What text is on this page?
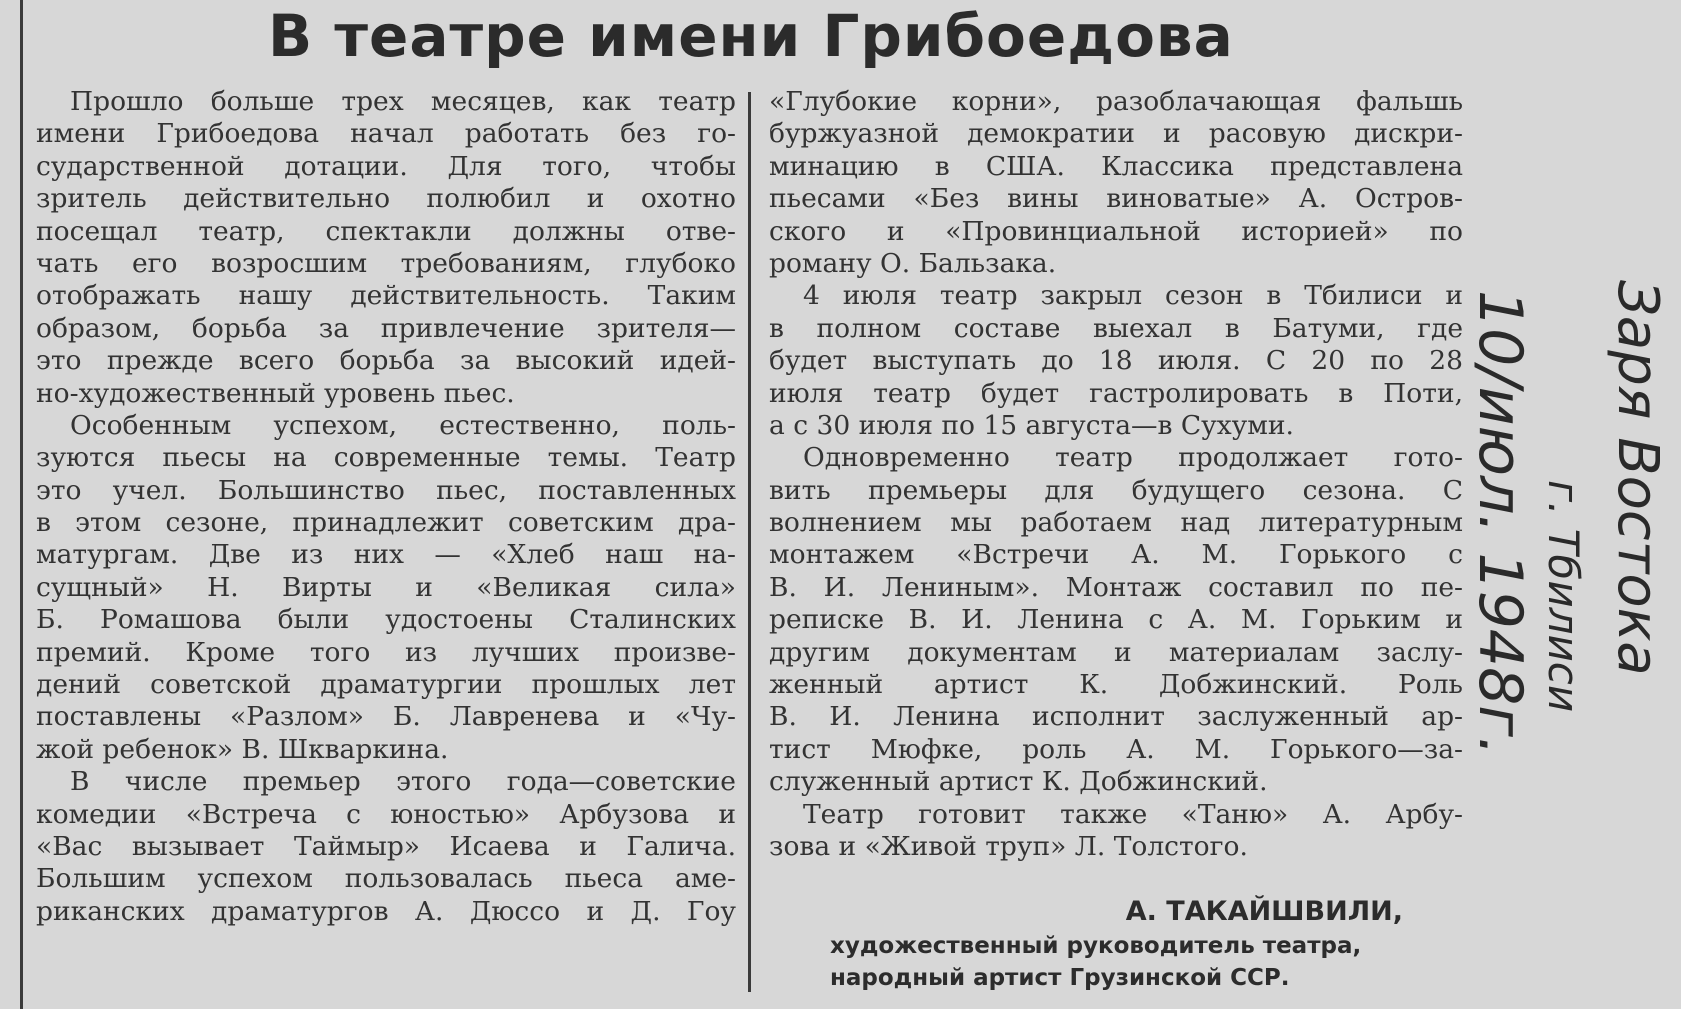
В театре имени Грибоедова
Прошло больше трех месяцев, как театр
имени Грибоедова начал работать без го-
сударственной дотации. Для того, чтобы
зритель действительно полюбил и охотно
посещал театр, спектакли должны отве-
чать его возросшим требованиям, глубоко
отображать нашу действительность. Таким
образом, борьба за привлечение зрителя—
это прежде всего борьба за высокий идей-
но-художественный уровень пьес.
Особенным успехом, естественно, поль-
зуются пьесы на современные темы. Театр
это учел. Большинство пьес, поставленных
в этом сезоне, принадлежит советским дра-
матургам. Две из них — «Хлеб наш на-
сущный» Н. Вирты и «Великая сила»
Б. Ромашова были удостоены Сталинских
премий. Кроме того из лучших произве-
дений советской драматургии прошлых лет
поставлены «Разлом» Б. Лавренева и «Чу-
жой ребенок» В. Шкваркина.
В числе премьер этого года—советские
комедии «Встреча с юностью» Арбузова и
«Вас вызывает Таймыр» Исаева и Галича.
Большим успехом пользовалась пьеса аме-
риканских драматургов А. Дюссо и Д. Гоу
«Глубокие корни», разоблачающая фальшь
буржуазной демократии и расовую дискри-
минацию в США. Классика представлена
пьесами «Без вины виноватые» А. Остров-
ского и «Провинциальной историей» по
роману О. Бальзака.
4 июля театр закрыл сезон в Тбилиси и
в полном составе выехал в Батуми, где
будет выступать до 18 июля. С 20 по 28
июля театр будет гастролировать в Поти,
а с 30 июля по 15 августа—в Сухуми.
Одновременно театр продолжает гото-
вить премьеры для будущего сезона. С
волнением мы работаем над литературным
монтажем «Встречи А. М. Горького с
В. И. Лениным». Монтаж составил по пе-
реписке В. И. Ленина с А. М. Горьким и
другим документам и материалам заслу-
женный артист К. Добжинский. Роль
В. И. Ленина исполнит заслуженный ар-
тист Мюфке, роль А. М. Горького—за-
служенный артист К. Добжинский.
Театр готовит также «Таню» А. Арбу-
зова и «Живой труп» Л. Толстого.
А. ТАКАЙШВИЛИ,
художественный руководитель театра,
народный артист Грузинской ССР.
Заря Востока
г. Тбилиси
10/июл. 1948г.
